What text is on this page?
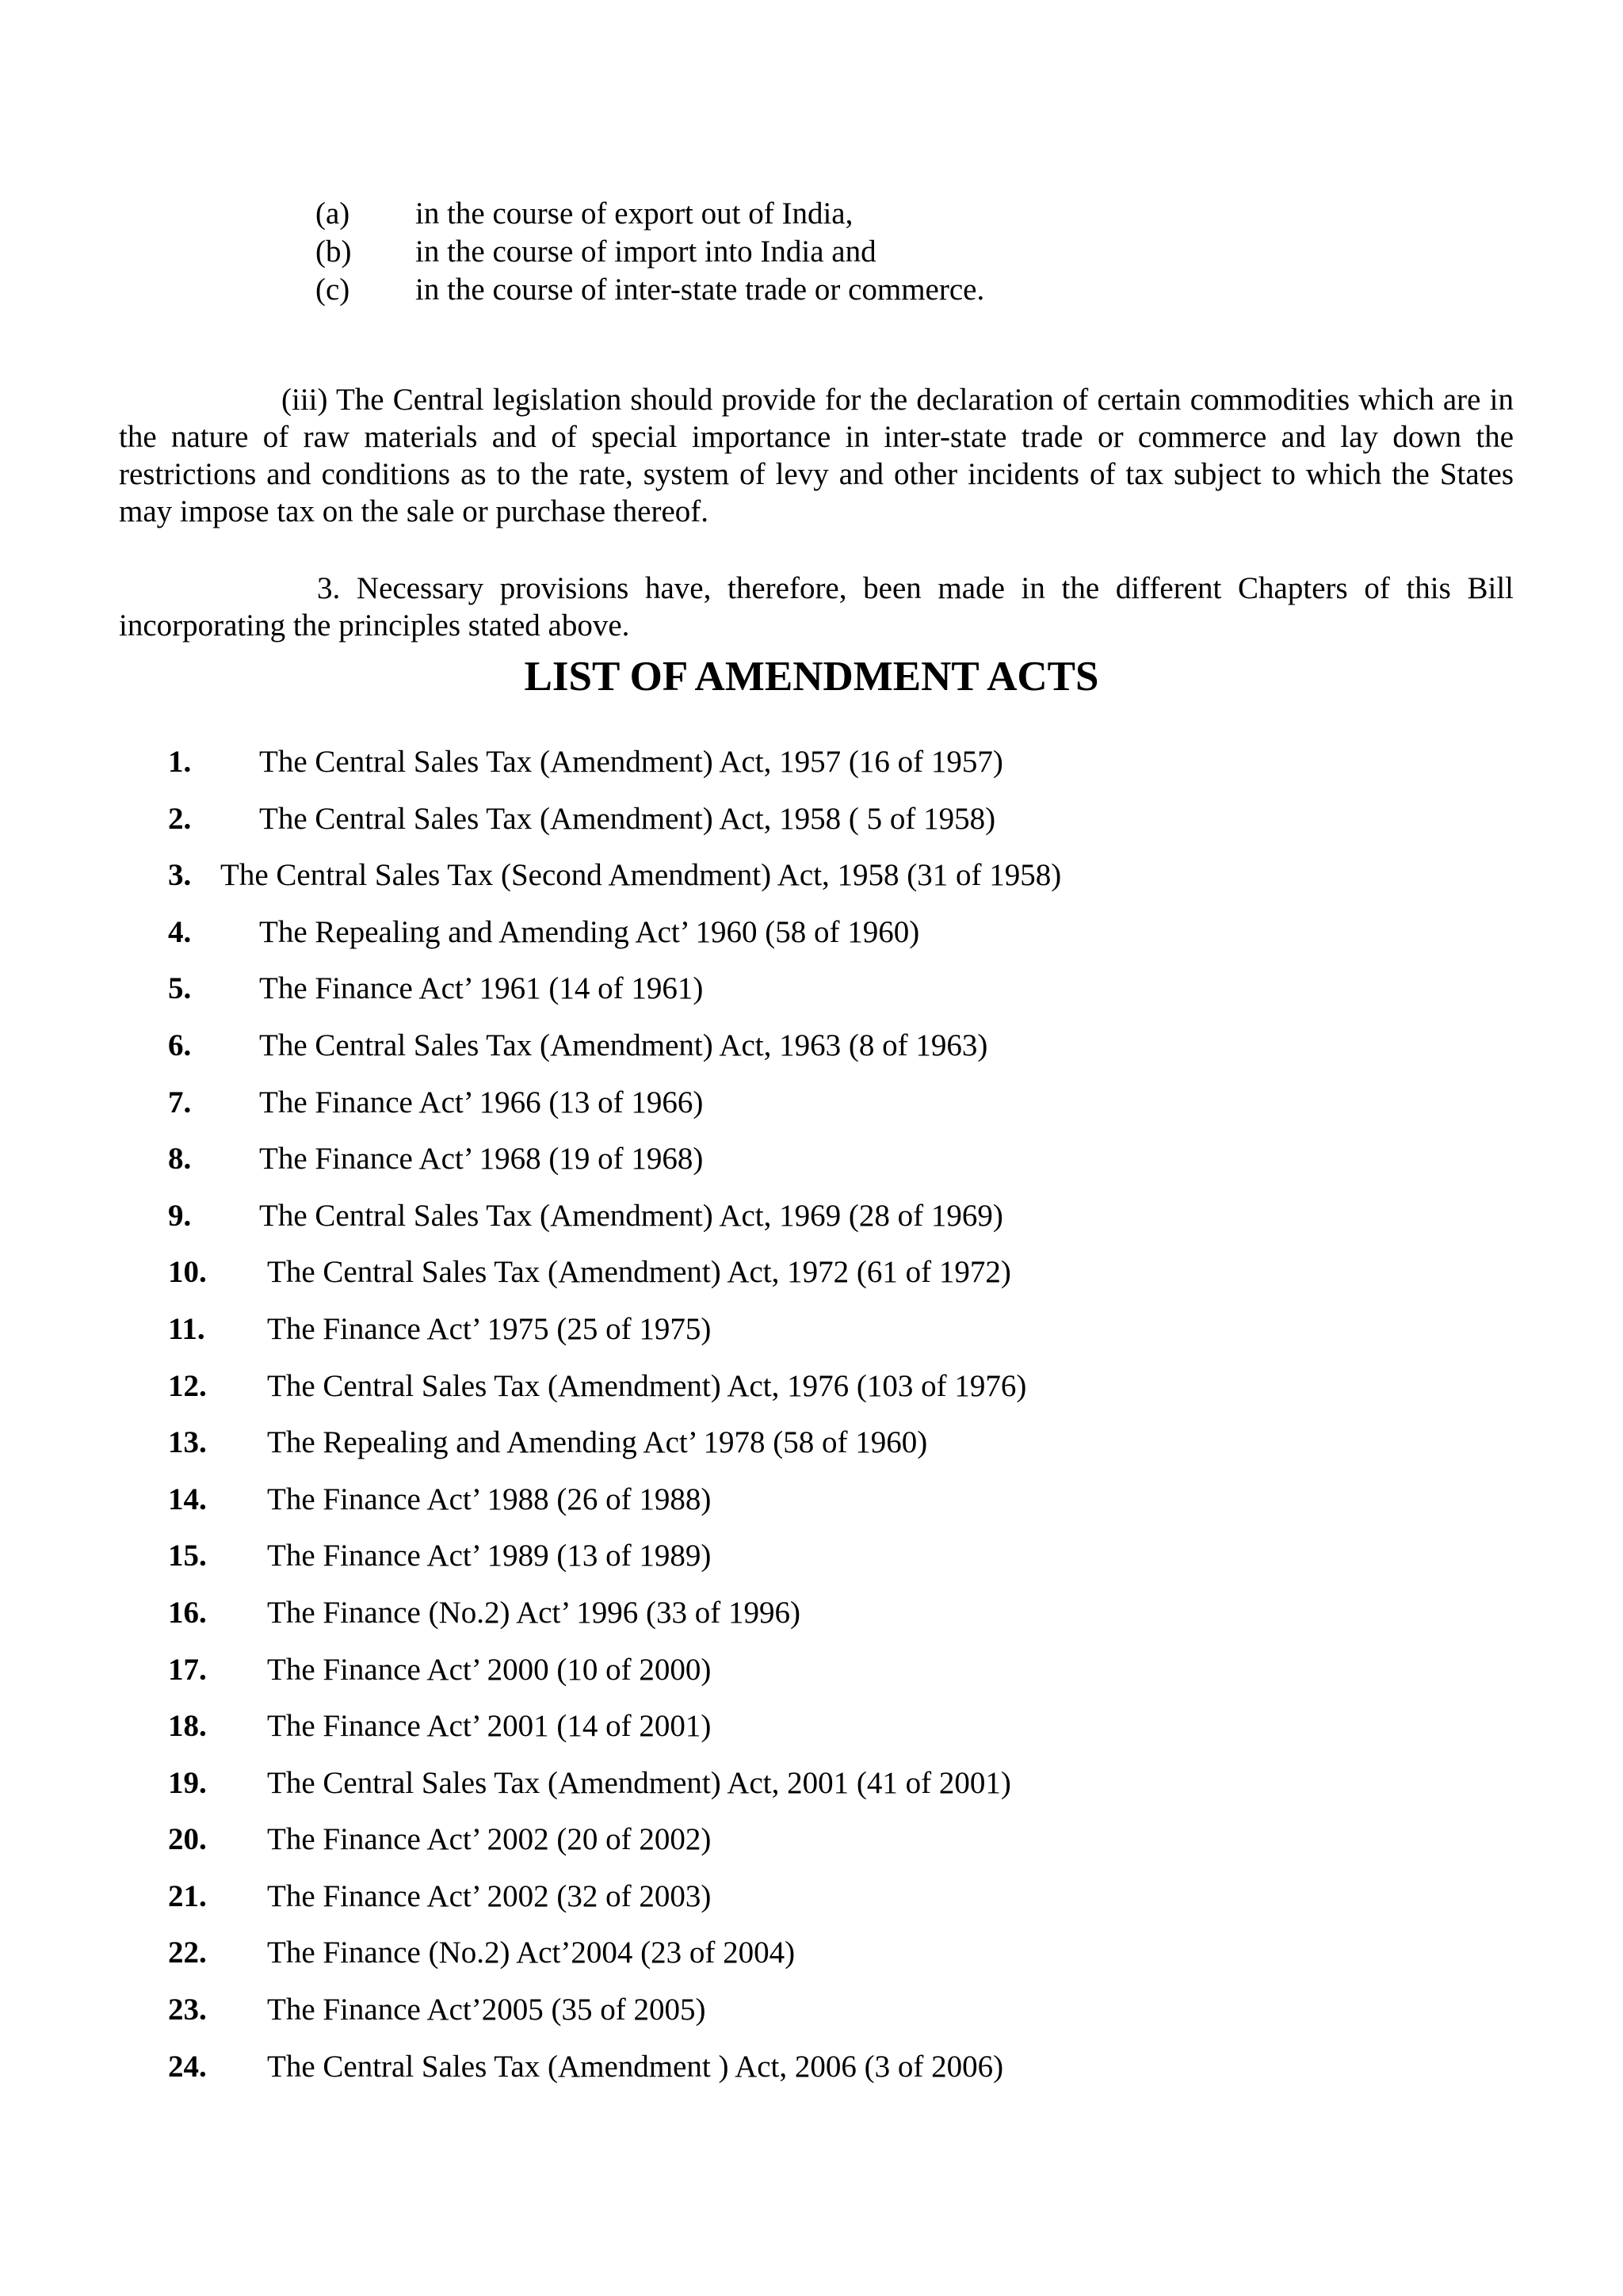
(a)	in the course of export out of India,
(b)	in the course of import into India and
(c)	in the course of inter-state trade or commerce.

(iii) The Central legislation should provide for the declaration of certain commodities which are in the nature of raw materials and of special importance in inter-state trade or commerce and lay down the restrictions and conditions as to the rate, system of levy and other incidents of tax subject to which the States may impose tax on the sale or purchase thereof.

3. Necessary provisions have, therefore, been made in the different Chapters of this Bill incorporating the principles stated above.

LIST OF AMENDMENT ACTS
1. The Central Sales Tax (Amendment) Act, 1957 (16 of 1957)
2. The Central Sales Tax (Amendment) Act, 1958 ( 5 of 1958)
3. The Central Sales Tax (Second Amendment) Act, 1958 (31 of 1958)
4. The Repealing and Amending Act’ 1960 (58 of 1960)
5. The Finance Act’ 1961 (14 of 1961)
6. The Central Sales Tax (Amendment) Act, 1963 (8 of 1963)
7. The Finance Act’ 1966 (13 of 1966)
8. The Finance Act’ 1968 (19 of 1968)
9. The Central Sales Tax (Amendment) Act, 1969 (28 of 1969)
10. The Central Sales Tax (Amendment) Act, 1972 (61 of 1972)
11. The Finance Act’ 1975 (25 of 1975)
12. The Central Sales Tax (Amendment) Act, 1976 (103 of 1976)
13. The Repealing and Amending Act’ 1978 (58 of 1960)
14. The Finance Act’ 1988 (26 of 1988)
15. The Finance Act’ 1989 (13 of 1989)
16. The Finance (No.2) Act’ 1996 (33 of 1996)
17. The Finance Act’ 2000 (10 of 2000)
18. The Finance Act’ 2001 (14 of 2001)
19. The Central Sales Tax (Amendment) Act, 2001 (41 of 2001)
20. The Finance Act’ 2002 (20 of 2002)
21. The Finance Act’ 2002 (32 of 2003)
22. The Finance (No.2) Act’2004 (23 of 2004)
23. The Finance Act’2005 (35 of 2005)
24. The Central Sales Tax (Amendment ) Act, 2006 (3 of 2006)
